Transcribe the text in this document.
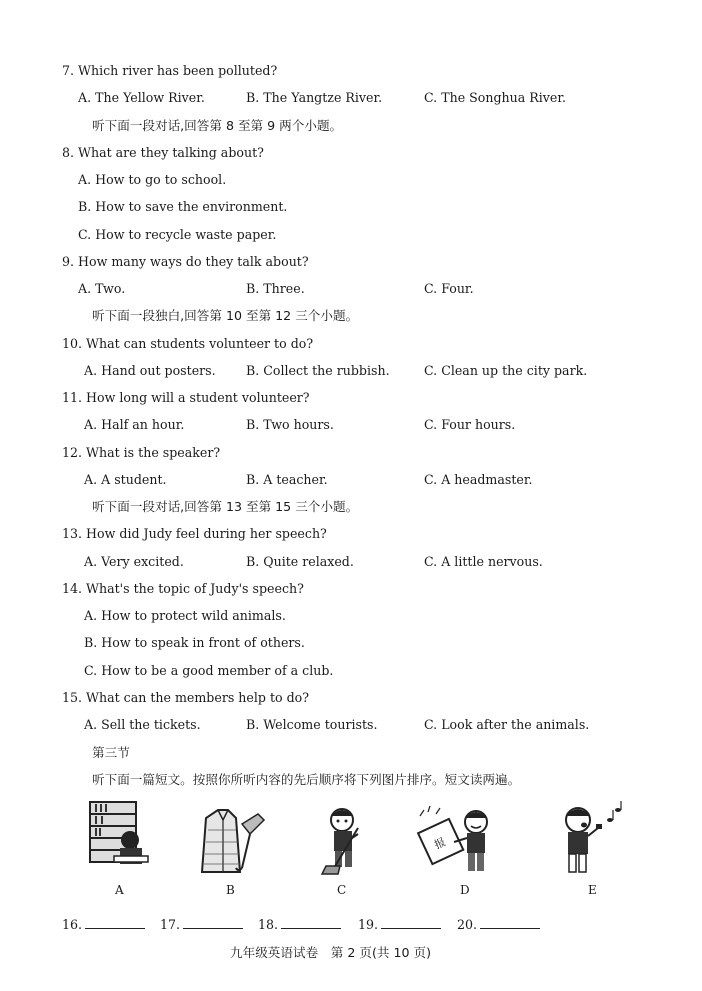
7. Which river has been polluted?
A. The Yellow River.	B. The Yangtze River.	C. The Songhua River.
听下面一段对话,回答第 8 至第 9 两个小题。
8. What are they talking about?
A. How to go to school.
B. How to save the environment.
C. How to recycle waste paper.
9. How many ways do they talk about?
A. Two.	B. Three.	C. Four.
听下面一段独白,回答第 10 至第 12 三个小题。
10. What can students volunteer to do?
A. Hand out posters. B. Collect the rubbish.	C. Clean up the city park.
11. How long will a student volunteer?
A. Half an hour.	B. Two hours.	C. Four hours.
12. What is the speaker?
A. A student.	B. A teacher.	C. A headmaster.
听下面一段对话,回答第 13 至第 15 三个小题。
13. How did Judy feel during her speech?
A. Very excited.	B. Quite relaxed.	C. A little nervous.
14. What's the topic of Judy's speech?
A. How to protect wild animals.
B. How to speak in front of others.
C. How to be a good member of a club.
15. What can the members help to do?
A. Sell the tickets.	B. Welcome tourists.	C. Look after the animals.
第三节
听下面一篇短文。按照你所听内容的先后顺序将下列图片排序。短文读两遍。
A	B	C
报
D	E
16.	17.	18.	19.	20.
九年级英语试卷　第 2 页(共 10 页)
